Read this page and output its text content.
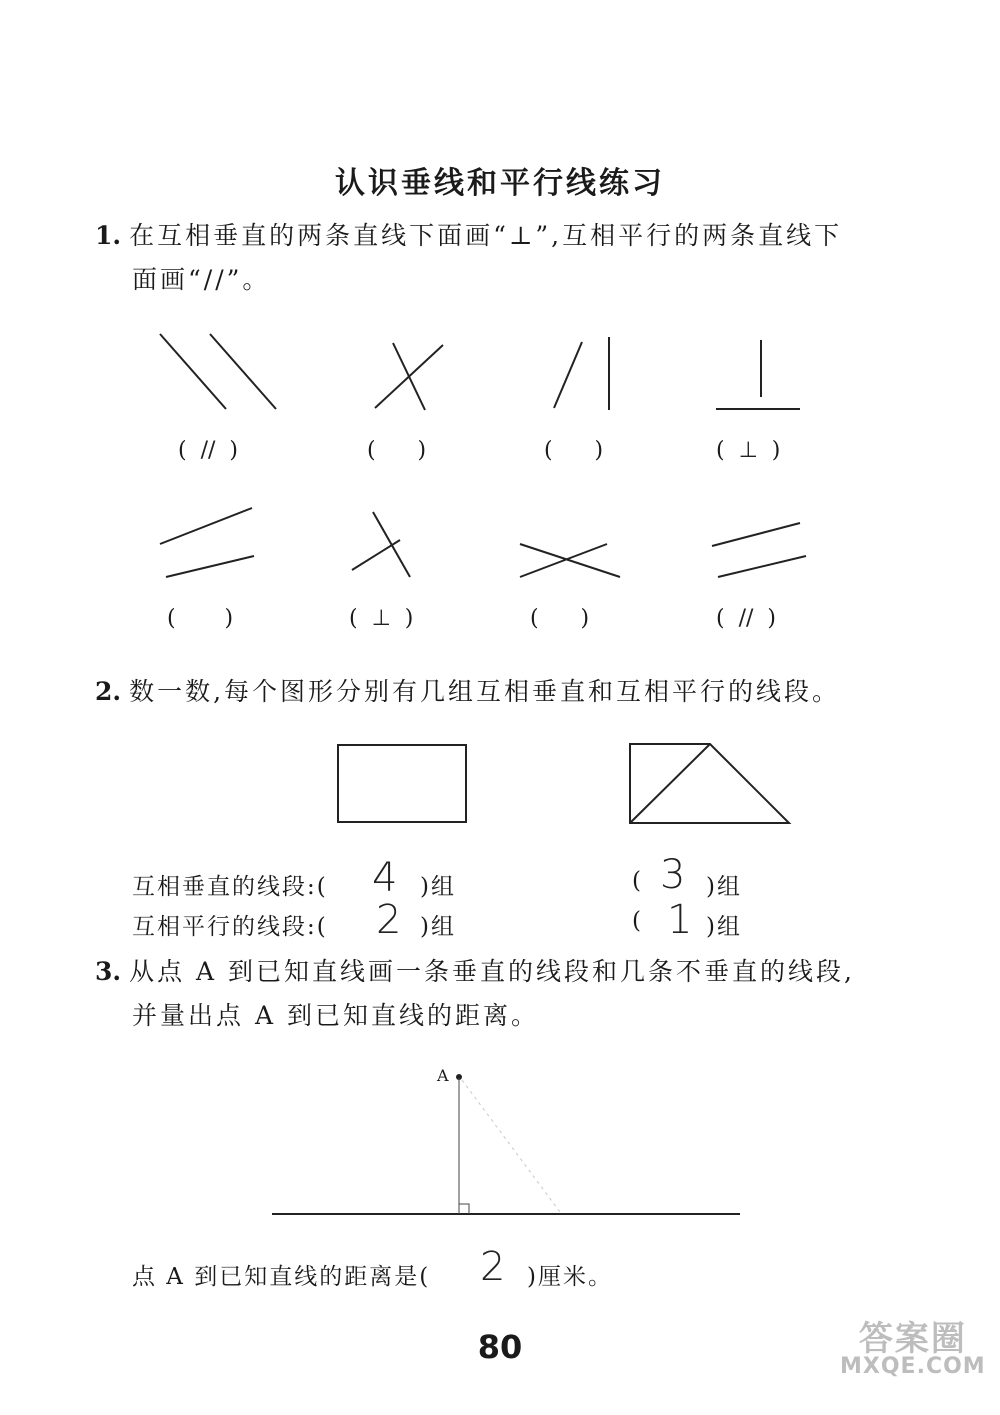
认识垂线和平行线练习
1. 在互相垂直的两条直线下面画“⊥”,互相平行的两条直线下
面画“//”。
(  //  )	(      )	(      )	(  ⊥  )
(       )	(  ⊥  )	(      )	(  //  )
2. 数一数,每个图形分别有几组互相垂直和互相平行的线段。
互相垂直的线段:( 4 )组	( 3 )组
互相平行的线段:( 2 )组	( 1 )组
3. 从点 A 到已知直线画一条垂直的线段和几条不垂直的线段,
并量出点 A 到已知直线的距离。
A
点 A 到已知直线的距离是( 2 )厘米。
80	答案圈
MXQE.COM
